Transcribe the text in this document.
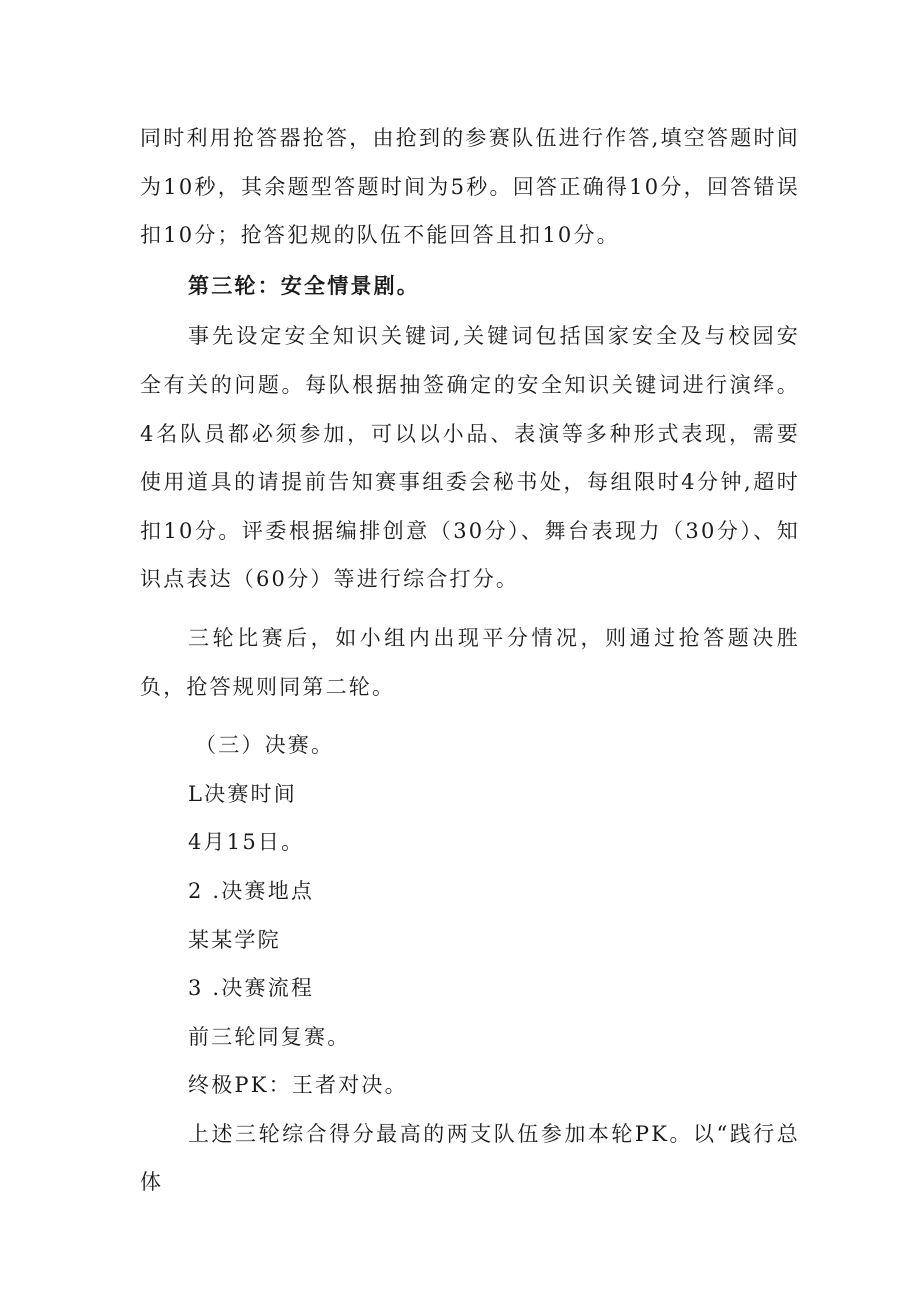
同时利用抢答器抢答，由抢到的参赛队伍进行作答,填空答题时间为10秒，其余题型答题时间为5秒。回答正确得10分，回答错误扣10分；抢答犯规的队伍不能回答且扣10分。

第三轮：安全情景剧。

事先设定安全知识关键词,关键词包括国家安全及与校园安全有关的问题。每队根据抽签确定的安全知识关键词进行演绎。4名队员都必须参加，可以以小品、表演等多种形式表现，需要使用道具的请提前告知赛事组委会秘书处，每组限时4分钟,超时扣10分。评委根据编排创意（30分）、舞台表现力（30分）、知识点表达（60分）等进行综合打分。

三轮比赛后，如小组内出现平分情况，则通过抢答题决胜负，抢答规则同第二轮。

（三）决赛。

L决赛时间

4月15日。

2 .决赛地点

某某学院

3 .决赛流程

前三轮同复赛。

终极PK：王者对决。

上述三轮综合得分最高的两支队伍参加本轮PK。以“践行总体
